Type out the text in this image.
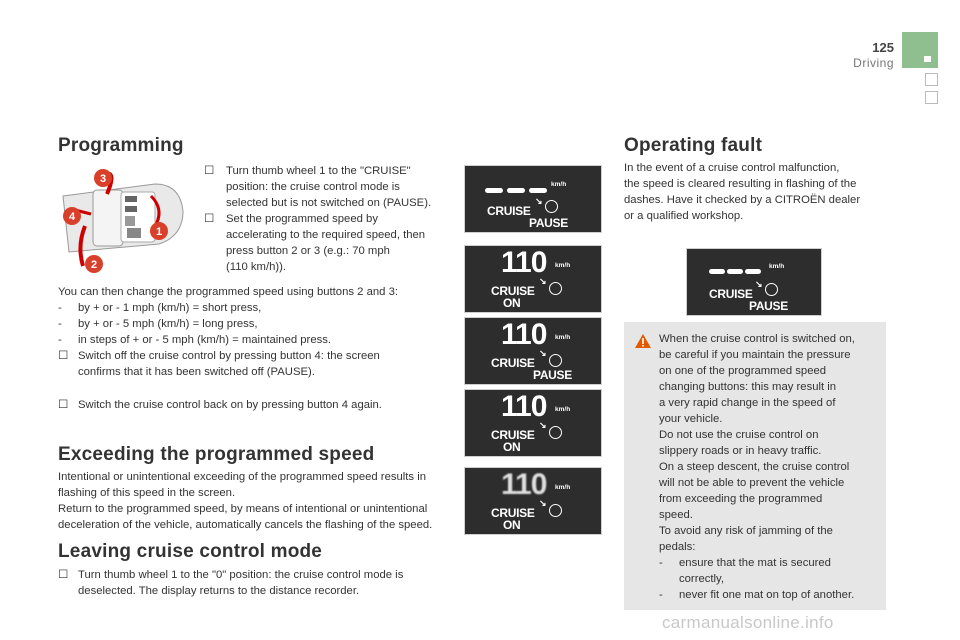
125
Driving
Programming
3
4
1
2
☐ Turn thumb wheel 1 to the "CRUISE"
position: the cruise control mode is
selected but is not switched on (PAUSE).
☐ Set the programmed speed by
accelerating to the required speed, then
press button 2 or 3 (e.g.: 70 mph
(110 km/h)).
You can then change the programmed speed using buttons 2 and 3:
- by + or - 1 mph (km/h) = short press,
- by + or - 5 mph (km/h) = long press,
- in steps of + or - 5 mph (km/h) = maintained press.
☐ Switch off the cruise control by pressing button 4: the screen
confirms that it has been switched off (PAUSE).
☐ Switch the cruise control back on by pressing button 4 again.
Exceeding the programmed speed
Intentional or unintentional exceeding of the programmed speed results in
flashing of this speed in the screen.
Return to the programmed speed, by means of intentional or unintentional
deceleration of the vehicle, automatically cancels the flashing of the speed.
Leaving cruise control mode
☐ Turn thumb wheel 1 to the "0" position: the cruise control mode is
deselected. The display returns to the distance recorder.
km/h
↘
CRUISE
PAUSE
110 km/h
↘
CRUISE
ON
110 km/h
↘
CRUISE
PAUSE
110 km/h
↘
CRUISE
ON
110 km/h
↘
CRUISE
ON
Operating fault
In the event of a cruise control malfunction,
the speed is cleared resulting in flashing of the
dashes. Have it checked by a CITROËN dealer
or a qualified workshop.
km/h
↘
CRUISE
PAUSE
When the cruise control is switched on,
be careful if you maintain the pressure
on one of the programmed speed
changing buttons: this may result in
a very rapid change in the speed of
your vehicle.
Do not use the cruise control on
slippery roads or in heavy traffic.
On a steep descent, the cruise control
will not be able to prevent the vehicle
from exceeding the programmed
speed.
To avoid any risk of jamming of the
pedals:
- ensure that the mat is secured
correctly,
- never fit one mat on top of another.
carmanualsonline.info
